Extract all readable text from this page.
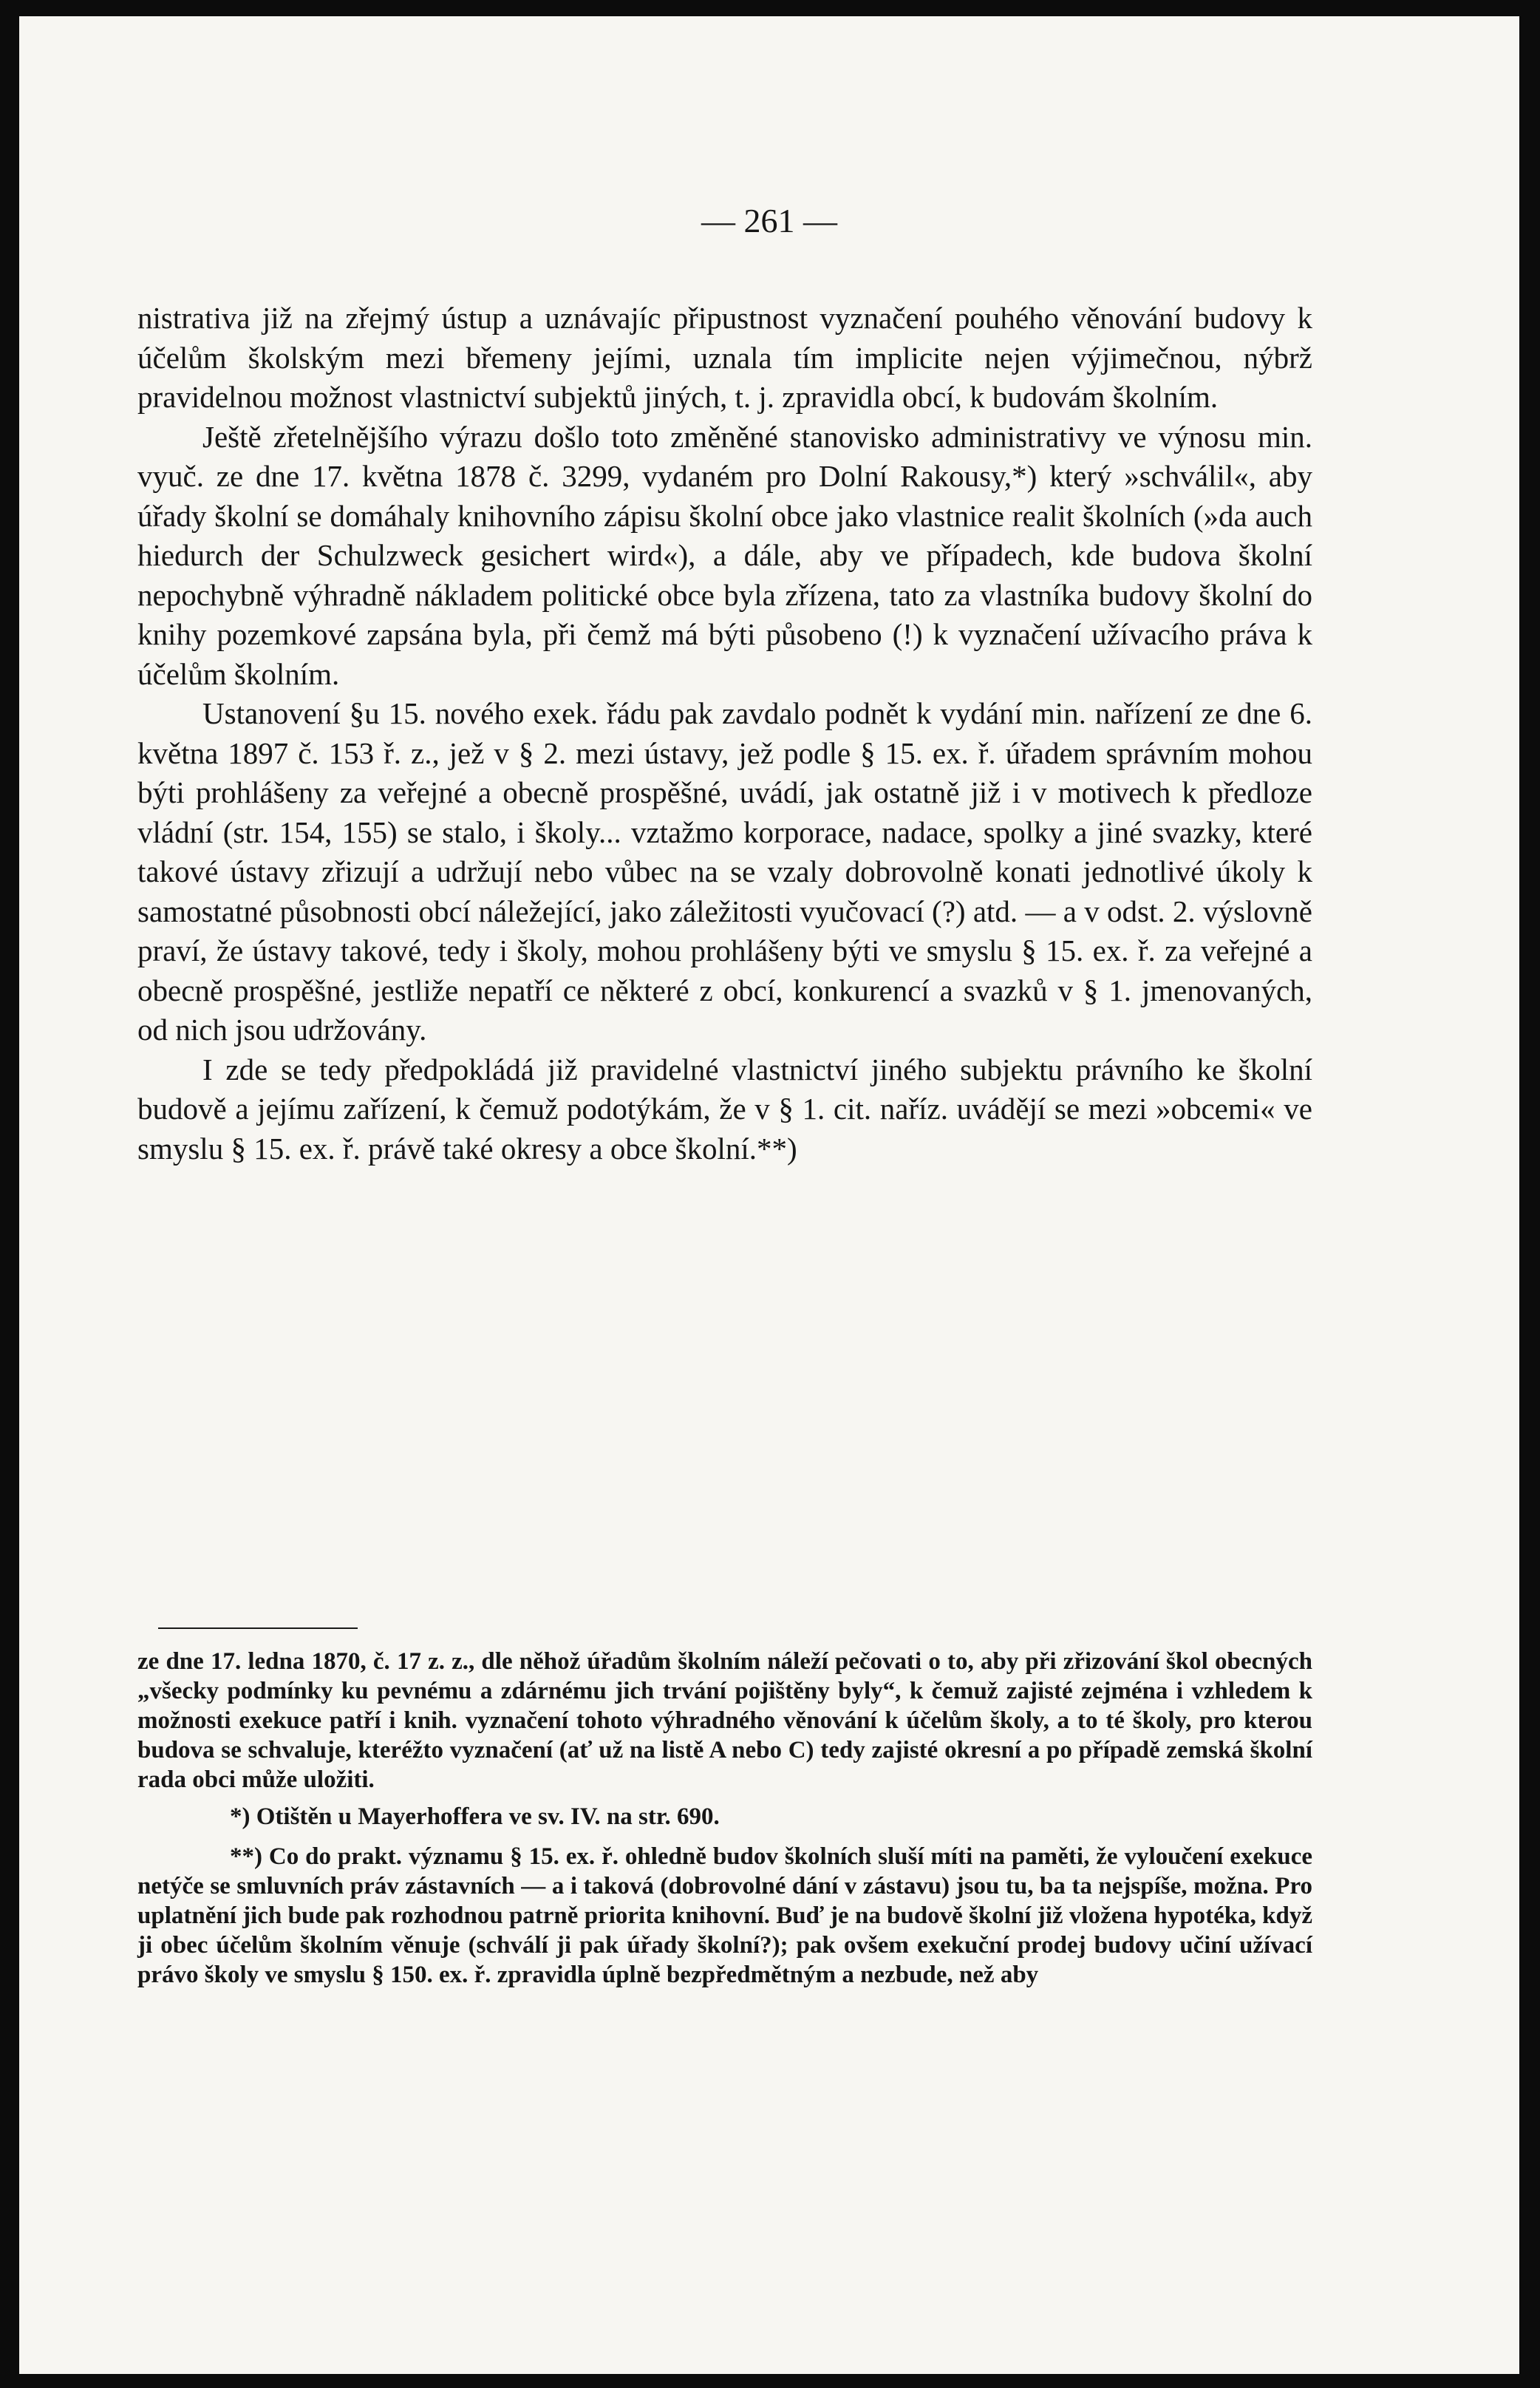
— 261 —

nistrativa již na zřejmý ústup a uznávajíc připustnost vyznačení pouhého věnování budovy k účelům školským mezi břemeny jejími, uznala tím implicite nejen výjimečnou, nýbrž pravidelnou možnost vlastnictví subjektů jiných, t. j. zpravidla obcí, k budovám školním.

Ještě zřetelnějšího výrazu došlo toto změněné stanovisko administrativy ve výnosu min. vyuč. ze dne 17. května 1878 č. 3299, vydaném pro Dolní Rakousy,*) který »schválil«, aby úřady školní se domáhaly knihovního zápisu školní obce jako vlastnice realit školních (»da auch hiedurch der Schulzweck gesichert wird«), a dále, aby ve případech, kde budova školní nepochybně výhradně nákladem politické obce byla zřízena, tato za vlastníka budovy školní do knihy pozemkové zapsána byla, při čemž má býti působeno (!) k vyznačení užívacího práva k účelům školním.

Ustanovení §u 15. nového exek. řádu pak zavdalo podnět k vydání min. nařízení ze dne 6. května 1897 č. 153 ř. z., jež v § 2. mezi ústavy, jež podle § 15. ex. ř. úřadem správním mohou býti prohlášeny za veřejné a obecně prospěšné, uvádí, jak ostatně již i v motivech k předloze vládní (str. 154, 155) se stalo, i školy... vztažmo korporace, nadace, spolky a jiné svazky, které takové ústavy zřizují a udržují nebo vůbec na se vzaly dobrovolně konati jednotlivé úkoly k samostatné působnosti obcí náležející, jako záležitosti vyučovací (?) atd. — a v odst. 2. výslovně praví, že ústavy takové, tedy i školy, mohou prohlášeny býti ve smyslu § 15. ex. ř. za veřejné a obecně prospěšné, jestliže nepatří ce některé z obcí, konkurencí a svazků v § 1. jmenovaných, od nich jsou udržovány.

I zde se tedy předpokládá již pravidelné vlastnictví jiného subjektu právního ke školní budově a jejímu zařízení, k čemuž podotýkám, že v § 1. cit. naříz. uvádějí se mezi »obcemi« ve smyslu § 15. ex. ř. právě také okresy a obce školní.**)

ze dne 17. ledna 1870, č. 17 z. z., dle něhož úřadům školním náleží pečovati o to, aby při zřizování škol obecných „všecky podmínky ku pevnému a zdárnému jich trvání pojištěny byly“, k čemuž zajisté zejména i vzhledem k možnosti exekuce patří i knih. vyznačení tohoto výhradného věnování k účelům školy, a to té školy, pro kterou budova se schvaluje, kteréžto vyznačení (ať už na listě A nebo C) tedy zajisté okresní a po případě zemská školní rada obci může uložiti.

*) Otištěn u Mayerhoffera ve sv. IV. na str. 690.

**) Co do prakt. významu § 15. ex. ř. ohledně budov školních sluší míti na paměti, že vyloučení exekuce netýče se smluvních práv zástavních — a i taková (dobrovolné dání v zástavu) jsou tu, ba ta nejspíše, možna. Pro uplatnění jich bude pak rozhodnou patrně priorita knihovní. Buď je na budově školní již vložena hypotéka, když ji obec účelům školním věnuje (schválí ji pak úřady školní?); pak ovšem exekuční prodej budovy učiní užívací právo školy ve smyslu § 150. ex. ř. zpravidla úplně bezpředmětným a nezbude, než aby
